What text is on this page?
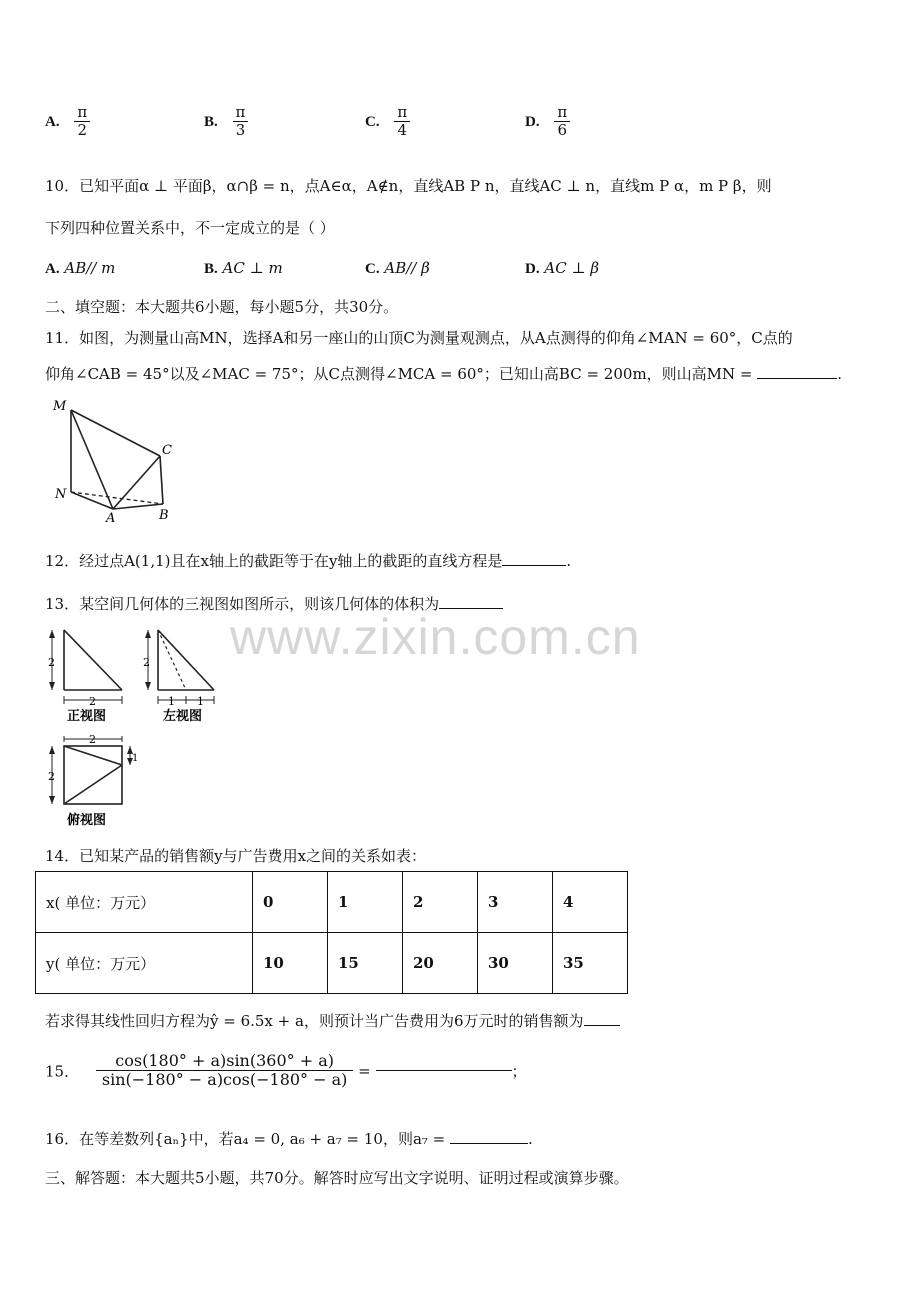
www.zixin.com.cn
A. $\frac{\pi}{2}$	B. $\frac{\pi}{3}$	C. $\frac{\pi}{4}$	D. $\frac{\pi}{6}$
10．已知平面α ⊥ 平面β，α∩β = n，点A∈α，A∉n，直线AB Ρ n，直线AC ⊥ n，直线m Ρ α，m Ρ β，则
下列四种位置关系中，不一定成立的是（ ）
A. AB// m	B. AC ⊥ m	C. AB// β	D. AC ⊥ β
二、填空题：本大题共6小题，每小题5分，共30分。
11．如图，为测量山高MN，选择A和另一座山的山顶C为测量观测点，从A点测得的仰角∠MAN = 60°，C点的
仰角∠CAB = 45°以及∠MAC = 75°；从C点测得∠MCA = 60°；已知山高BC = 200m，则山高MN =	.
M
C
N
A	B
12．经过点A(1,1)且在x轴上的截距等于在y轴上的截距的直线方程是	.
13．某空间几何体的三视图如图所示，则该几何体的体积为
2
2
正视图
2
1 1
左视图
2
2
1
俯视图
14．已知某产品的销售额y与广告费用x之间的关系如表：
x( 单位：万元）	0	1	2	3	4
y( 单位：万元）	10	15	20	30	35
若求得其线性回归方程为ŷ = 6.5x + a，则预计当广告费用为6万元时的销售额为
15． $\frac{\cos(180^\circ + a)\sin(360^\circ + a)}{\sin(-180^\circ - a)\cos(-180^\circ - a)}$ =	；
16．在等差数列{aₙ}中，若a₄ = 0, a₆ + a₇ = 10，则a₇ =	.
三、解答题：本大题共5小题，共70分。解答时应写出文字说明、证明过程或演算步骤。
